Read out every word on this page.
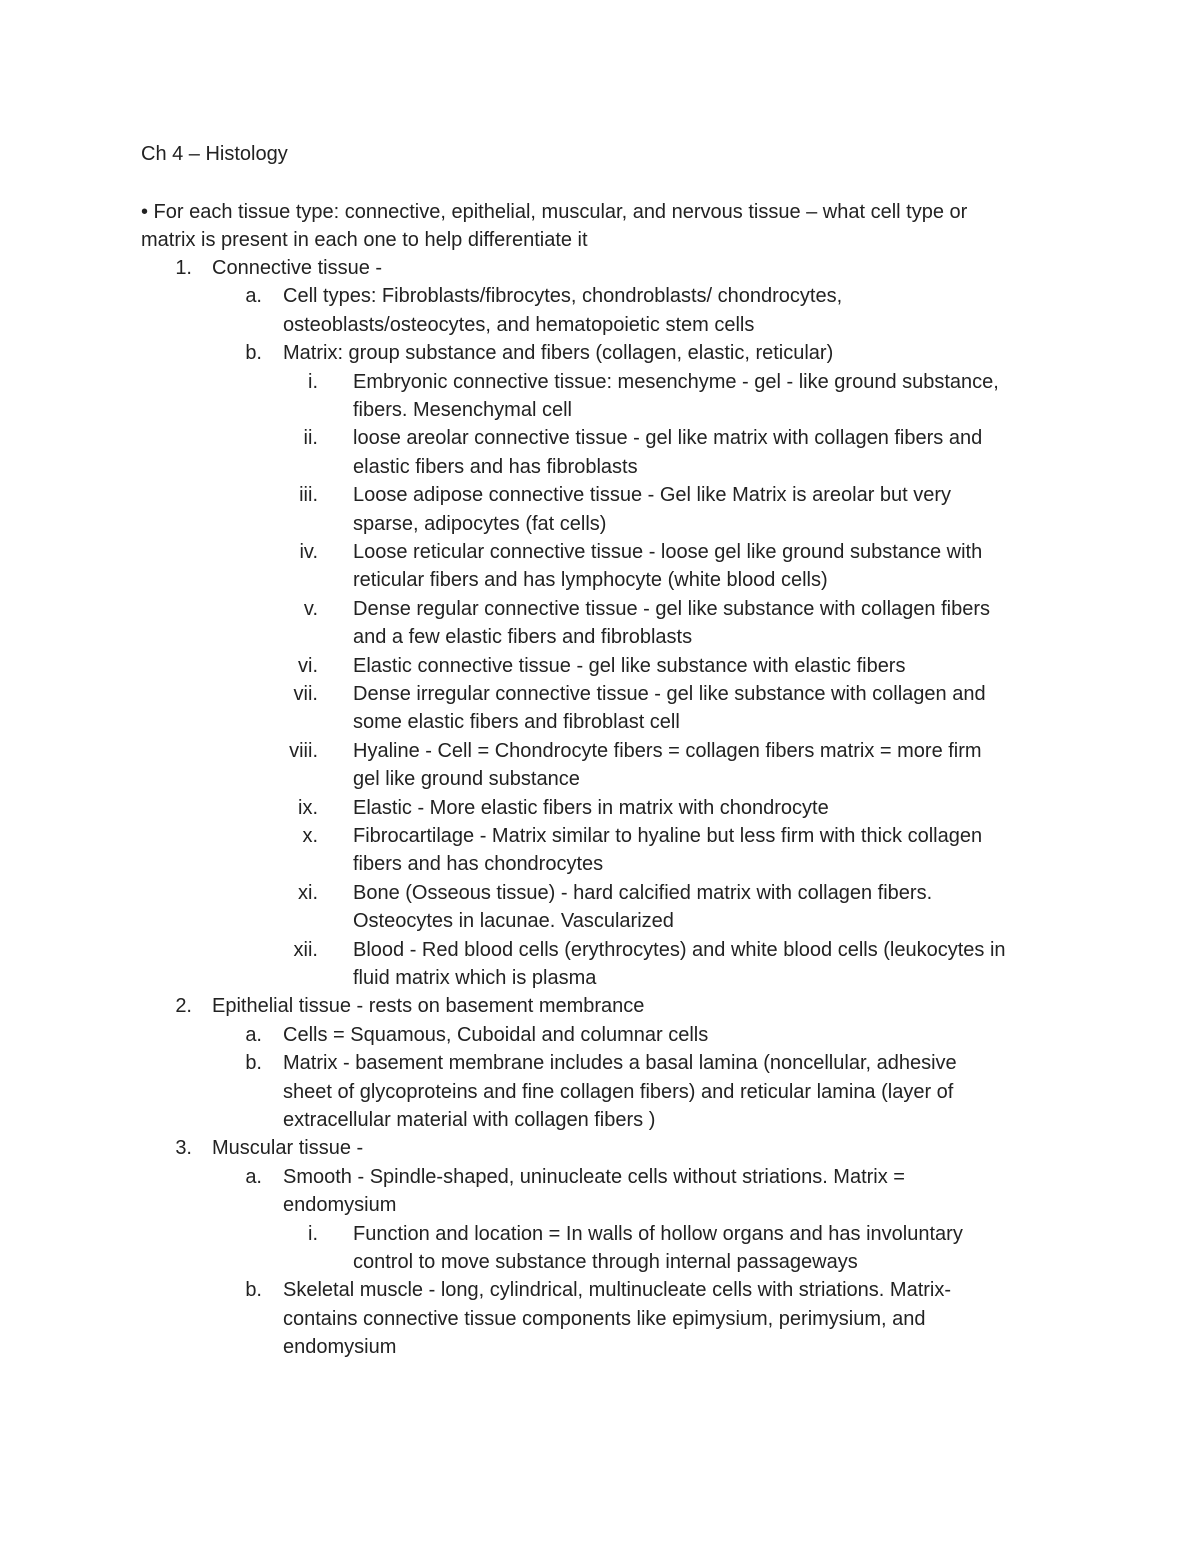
Ch 4 – Histology
• For each tissue type: connective, epithelial, muscular, and nervous tissue – what cell type or
matrix is present in each one to help differentiate it
1. Connective tissue -
a. Cell types: Fibroblasts/fibrocytes, chondroblasts/ chondrocytes,
osteoblasts/osteocytes, and hematopoietic stem cells
b. Matrix: group substance and fibers (collagen, elastic, reticular)
i. Embryonic connective tissue: mesenchyme - gel - like ground substance,
fibers. Mesenchymal cell
ii. loose areolar connective tissue - gel like matrix with collagen fibers and
elastic fibers and has fibroblasts
iii. Loose adipose connective tissue - Gel like Matrix is areolar but very
sparse, adipocytes (fat cells)
iv. Loose reticular connective tissue - loose gel like ground substance with
reticular fibers and has lymphocyte (white blood cells)
v. Dense regular connective tissue - gel like substance with collagen fibers
and a few elastic fibers and fibroblasts
vi. Elastic connective tissue - gel like substance with elastic fibers
vii. Dense irregular connective tissue - gel like substance with collagen and
some elastic fibers and fibroblast cell
viii. Hyaline - Cell = Chondrocyte fibers = collagen fibers matrix = more firm
gel like ground substance
ix. Elastic - More elastic fibers in matrix with chondrocyte
x. Fibrocartilage - Matrix similar to hyaline but less firm with thick collagen
fibers and has chondrocytes
xi. Bone (Osseous tissue) - hard calcified matrix with collagen fibers.
Osteocytes in lacunae. Vascularized
xii. Blood - Red blood cells (erythrocytes) and white blood cells (leukocytes in
fluid matrix which is plasma
2. Epithelial tissue - rests on basement membrance
a. Cells = Squamous, Cuboidal and columnar cells
b. Matrix - basement membrane includes a basal lamina (noncellular, adhesive
sheet of glycoproteins and fine collagen fibers) and reticular lamina (layer of
extracellular material with collagen fibers )
3. Muscular tissue -
a. Smooth - Spindle-shaped, uninucleate cells without striations. Matrix =
endomysium
i. Function and location = In walls of hollow organs and has involuntary
control to move substance through internal passageways
b. Skeletal muscle - long, cylindrical, multinucleate cells with striations. Matrix-
contains connective tissue components like epimysium, perimysium, and
endomysium
